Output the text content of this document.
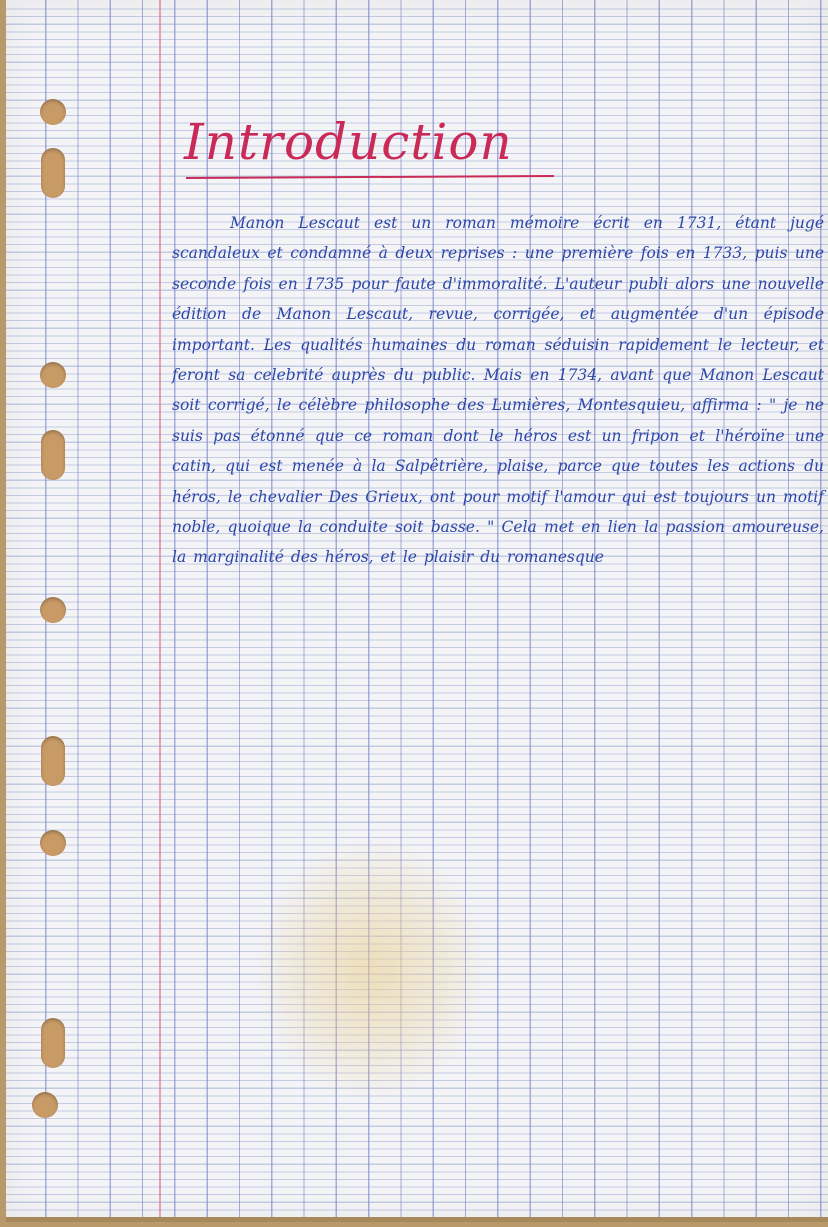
Introduction

Manon Lescaut est un roman mémoire écrit en 1731, étant jugé scandaleux et condamné à deux reprises : une première fois en 1733, puis une seconde fois en 1735 pour faute d'immoralité. L'auteur publi alors une nouvelle édition de Manon Lescaut, revue, corrigée, et augmentée d'un épisode important. Les qualités humaines du roman séduisin rapidement le lecteur, et feront sa celebrité auprès du public. Mais en 1734, avant que Manon Lescaut soit corrigé, le célèbre philosophe des Lumières, Montesquieu, affirma : " je ne suis pas étonné que ce roman dont le héros est un fripon et l'héroïne une catin, qui est menée à la Salpêtrière, plaise, parce que toutes les actions du héros, le chevalier Des Grieux, ont pour motif l'amour qui est toujours un motif noble, quoique la conduite soit basse. " Cela met en lien la passion amoureuse, la marginalité des héros, et le plaisir du romanesque
